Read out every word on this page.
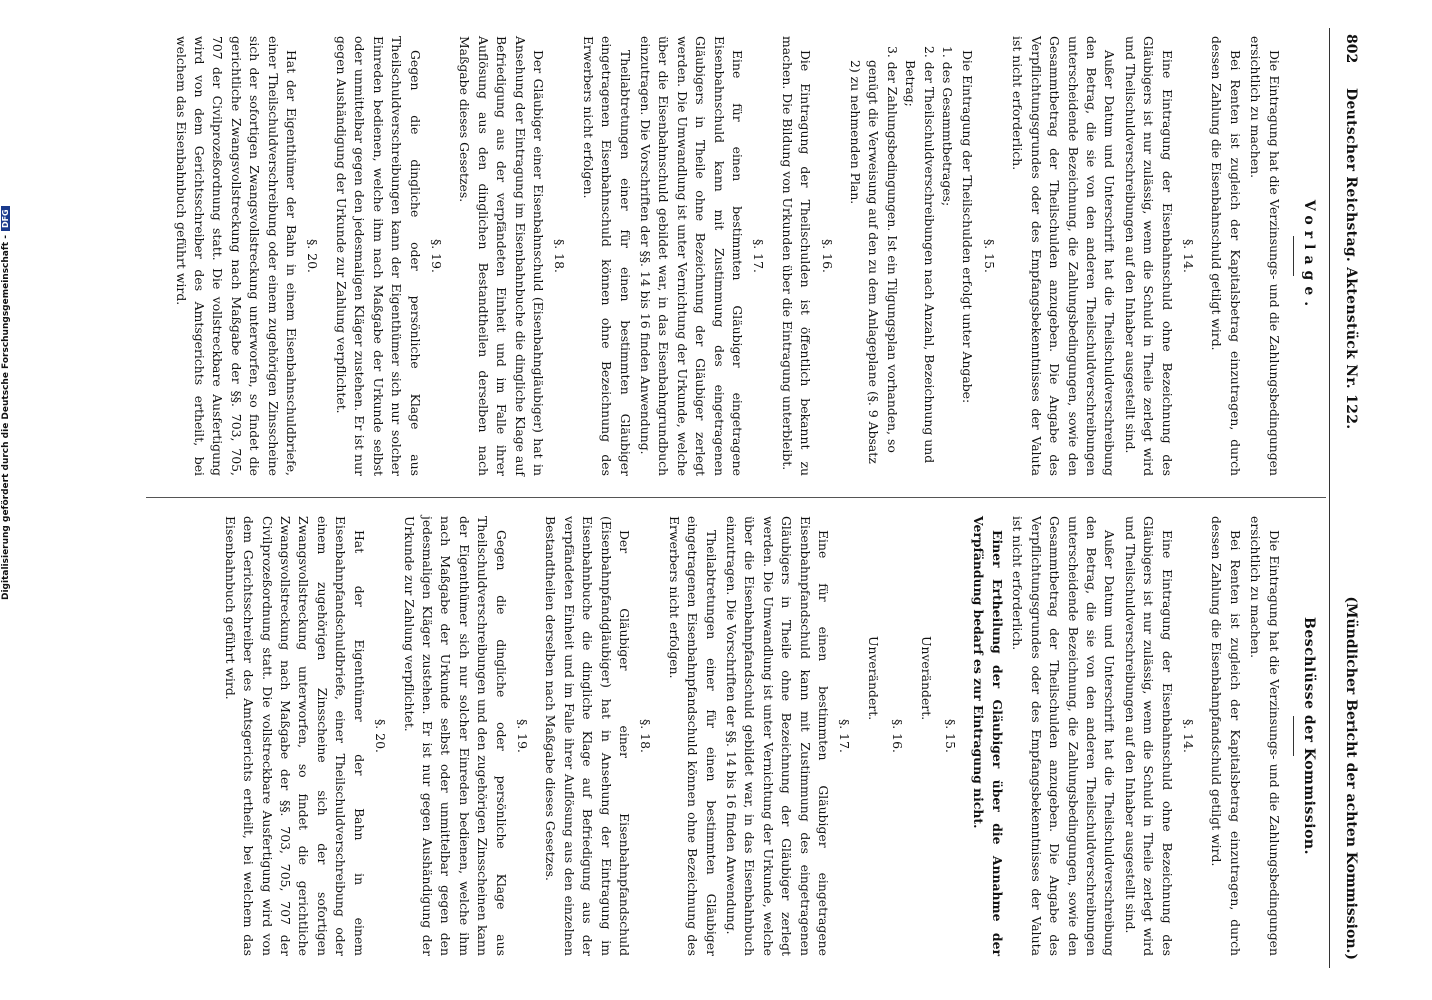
802
Deutscher Reichstag. Aktenstück Nr. 122.
(Mündlicher Bericht der achten Kommission.)
Vorlage.

Die Eintragung hat die Verzinsungs- und die Zahlungsbedingungen ersichtlich zu machen.

Bei Renten ist zugleich der Kapitalsbetrag einzutragen, durch dessen Zahlung die Eisenbahnschuld getilgt wird.

§. 14.

Eine Eintragung der Eisenbahnschuld ohne Bezeichnung des Gläubigers ist nur zulässig, wenn die Schuld in Theile zerlegt wird und Theilschuldverschreibungen auf den Inhaber ausgestellt sind.

Außer Datum und Unterschrift hat die Theilschuldverschreibung den Betrag, die sie von den anderen Theilschuldverschreibungen unterscheidende Bezeichnung, die Zahlungsbedingungen, sowie den Gesammtbetrag der Theilschulden anzugeben. Die Angabe des Verpflichtungsgrundes oder des Empfangsbekenntnisses der Valuta ist nicht erforderlich.

§. 15.

Die Eintragung der Theilschulden erfolgt unter Angabe:

1. des Gesammtbetrages;

2. der Theilschuldverschreibungen nach Anzahl, Bezeichnung und Betrag;

3. der Zahlungsbedingungen. Ist ein Tilgungsplan vorhanden, so genügt die Verweisung auf den zu dem Anlageplane (§. 9 Absatz 2) zu nehmenden Plan.

§. 16.

Die Eintragung der Theilschulden ist öffentlich bekannt zu machen. Die Bildung von Urkunden über die Eintragung unterbleibt.

§. 17.

Eine für einen bestimmten Gläubiger eingetragene Eisenbahnschuld kann mit Zustimmung des eingetragenen Gläubigers in Theile ohne Bezeichnung der Gläubiger zerlegt werden. Die Umwandlung ist unter Vernichtung der Urkunde, welche über die Eisenbahnschuld gebildet war, in das Eisenbahngrundbuch einzutragen. Die Vorschriften der §§. 14 bis 16 finden Anwendung.

Theilabtretungen einer für einen bestimmten Gläubiger eingetragenen Eisenbahnschuld können ohne Bezeichnung des Erwerbers nicht erfolgen.

§. 18.

Der Gläubiger einer Eisenbahnschuld (Eisenbahngläubiger) hat in Ansehung der Eintragung im Eisenbahnbuche die dingliche Klage auf Befriedigung aus der verpfändeten Einheit und im Falle ihrer Auflösung aus den dinglichen Bestandtheilen derselben nach Maßgabe dieses Gesetzes.

§. 19.

Gegen die dingliche oder persönliche Klage aus Theilschuldverschreibungen kann der Eigenthümer sich nur solcher Einreden bedienen, welche ihm nach Maßgabe der Urkunde selbst oder unmittelbar gegen den jedesmaligen Kläger zustehen. Er ist nur gegen Aushändigung der Urkunde zur Zahlung verpflichtet.

§. 20.

Hat der Eigenthümer der Bahn in einem Eisenbahnschuldbriefe, einer Theilschuldverschreibung oder einem zugehörigen Zinsscheine sich der sofortigen Zwangsvollstreckung unterworfen, so findet die gerichtliche Zwangsvollstreckung nach Maßgabe der §§. 703, 705, 707 der Civilprozeßordnung statt. Die vollstreckbare Ausfertigung wird von dem Gerichtsschreiber des Amtsgerichts ertheilt, bei welchem das Eisenbahnbuch geführt wird.

Beschlüsse der Kommission.

Die Eintragung hat die Verzinsungs- und die Zahlungsbedingungen ersichtlich zu machen.

Bei Renten ist zugleich der Kapitalsbetrag einzutragen, durch dessen Zahlung die Eisenbahnpfandschuld getilgt wird.

§. 14.

Eine Eintragung der Eisenbahnschuld ohne Bezeichnung des Gläubigers ist nur zulässig, wenn die Schuld in Theile zerlegt wird und Theilschuldverschreibungen auf den Inhaber ausgestellt sind.

Außer Datum und Unterschrift hat die Theilschuldverschreibung den Betrag, die sie von den anderen Theilschuldverschreibungen unterscheidende Bezeichnung, die Zahlungsbedingungen, sowie den Gesammtbetrag der Theilschulden anzugeben. Die Angabe des Verpflichtungsgrundes oder des Empfangsbekenntnisses der Valuta ist nicht erforderlich.

Einer Ertheilung der Gläubiger über die Annahme der Verpfändung bedarf es zur Eintragung nicht.

§. 15.

Unverändert.

§. 16.

Unverändert.

§. 17.

Eine für einen bestimmten Gläubiger eingetragene Eisenbahnpfandschuld kann mit Zustimmung des eingetragenen Gläubigers in Theile ohne Bezeichnung der Gläubiger zerlegt werden. Die Umwandlung ist unter Vernichtung der Urkunde, welche über die Eisenbahnpfandschuld gebildet war, in das Eisenbahnbuch einzutragen. Die Vorschriften der §§. 14 bis 16 finden Anwendung.

Theilabtretungen einer für einen bestimmten Gläubiger eingetragenen Eisenbahnpfandschuld können ohne Bezeichnung des Erwerbers nicht erfolgen.

§. 18.

Der Gläubiger einer Eisenbahnpfandschuld (Eisenbahnpfandgläubiger) hat in Ansehung der Eintragung im Eisenbahnbuche die dingliche Klage auf Befriedigung aus der verpfändeten Einheit und im Falle ihrer Auflösung aus den einzelnen Bestandtheilen derselben nach Maßgabe dieses Gesetzes.

§. 19.

Gegen die dingliche oder persönliche Klage aus Theilschuldverschreibungen und den zugehörigen Zinsscheinen kann der Eigenthümer sich nur solcher Einreden bedienen, welche ihm nach Maßgabe der Urkunde selbst oder unmittelbar gegen den jedesmaligen Kläger zustehen. Er ist nur gegen Aushändigung der Urkunde zur Zahlung verpflichtet.

§. 20.

Hat der Eigenthümer der Bahn in einem Eisenbahnpfandschuldbriefe, einer Theilschuldverschreibung oder einem zugehörigen Zinsscheine sich der sofortigen Zwangsvollstreckung unterworfen, so findet die gerichtliche Zwangsvollstreckung nach Maßgabe der §§. 703, 705, 707 der Civilprozeßordnung statt. Die vollstreckbare Ausfertigung wird von dem Gerichtsschreiber des Amtsgerichts ertheilt, bei welchem das Eisenbahnbuch geführt wird.

Digitalisierung gefördert durch die Deutsche Forschungsgemeinschaft -DFG
